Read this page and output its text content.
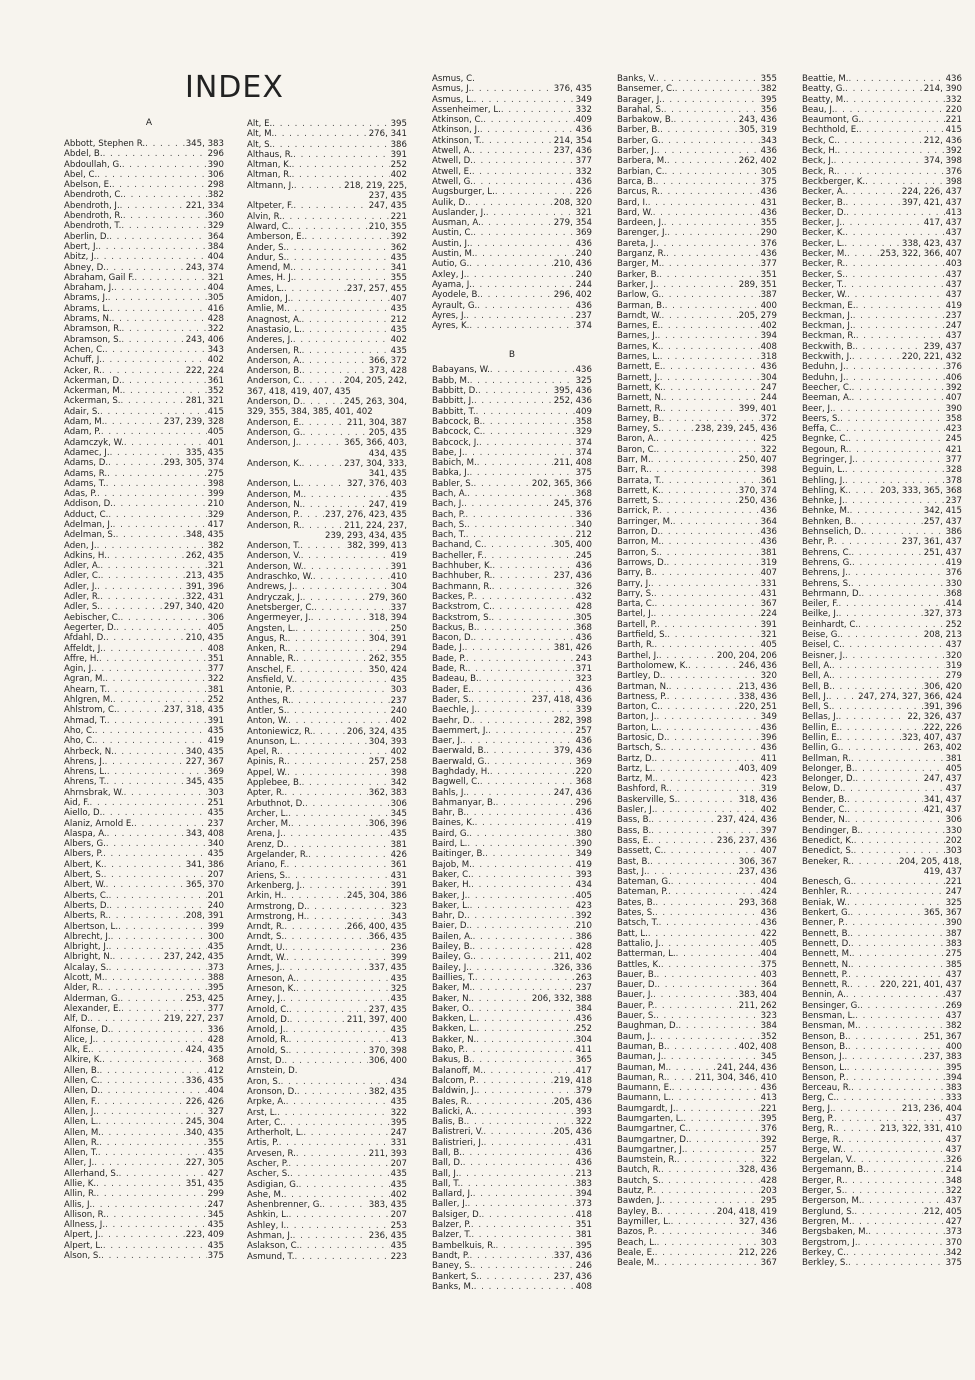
INDEX
A
Abbott, Stephen R.
. . .	345, 383
Abdel, B.
. . .	296
Abdoullah, G.
. . .	390
Abel, C.
. . .	306
Abelson, E.
. . .	298
Abendroth, C.
. . .	382
Abendroth, J.
. . .	221, 334
Abendroth, R.
. . .	360
Abendroth, T.
. . .	329
Aberlin, D.
. . .	364
Abert, J.
. . .	384
Abitz, J.
. . .	404
Abney, D.
. . .	243, 374
Abraham, Gail F.
. . .	321
Abraham, J.
. . .	404
Abrams, J.
. . .	305
Abrams, L.
. . .	416
Abrams, N.
. . .	428
Abramson, R.
. . .	322
Abramson, S.
. . .	243, 406
Achen, C.
. . .	343
Achuff, J.
. . .	402
Acker, R.
. . .	222, 224
Ackerman, D.
. . .	361
Ackerman, M.
. . .	352
Ackerman, S.
. . .	281, 321
Adair, S.
. . .	415
Adam, M.
. . .	237, 239, 328
Adam, P.
. . .	405
Adamczyk, W.
. . .	401
Adamec, J.
. . .	335, 435
Adams, D.
. . .	293, 305, 374
Adams, R.
. . .	275
Adams, T.
. . .	398
Adas, P.
. . .	399
Addison, D.
. . .	210
Adduct, C.
. . .	329
Adelman, J.
. . .	417
Adelman, S.
. . .	348, 435
Aden, J.
. . .	382
Adkins, H.
. . .	262, 435
Adler, A.
. . .	321
Adler, C.
. . .	213, 435
Adler, J.
. . .	391, 396
Adler, R.
. . .	322, 431
Adler, S.
. . .	297, 340, 420
Aebischer, C.
. . .	306
Aegerter, D.
. . .	405
Afdahl, D.
. . .	210, 435
Affeldt, J.
. . .	408
Affre, H.
. . .	351
Agin, J.
. . .	377
Agran, M.
. . .	322
Ahearn, T.
. . .	381
Ahlgren, M.
. . .	252
Ahlstrom, C.
. . .	237, 318, 435
Ahmad, T.
. . .	391
Aho, C.
. . .	435
Aho, C.
. . .	419
Ahrbeck, N.
. . .	340, 435
Ahrens, J.
. . .	227, 367
Ahrens, L.
. . .	369
Ahrens, T.
. . .	345, 435
Ahrnsbrak, W.
. . .	303
Aid, F.
. . .	251
Aiello, D.
. . .	435
Alaniz, Arnold E.
. . .	237
Alaspa, A.
. . .	343, 408
Albers, G.
. . .	340
Albers, P.
. . .	435
Albert, K.
. . .	341, 386
Albert, S.
. . .	207
Albert, W.
. . .	365, 370
Alberts, C.
. . .	201
Alberts, D.
. . .	240
Alberts, R.
. . .	208, 391
Albertson, L.
. . .	399
Albrecht, J.
. . .	300
Albright, J.
. . .	435
Albright, N.
. . .	237, 242, 435
Alcalay, S.
. . .	373
Alcott, M.
. . .	388
Alder, R.
. . .	395
Alderman, G.
. . .	253, 425
Alexander, E.
. . .	377
Alf, D.
. . .	219, 227, 237
Alfonse, D.
. . .	336
Alice, J.
. . .	428
Alk, E.
. . .	424, 435
Alkire, K.
. . .	368
Allen, B.
. . .	412
Allen, C.
. . .	336, 435
Allen, D.
. . .	404
Allen, F.
. . .	226, 426
Allen, J.
. . .	327
Allen, L.
. . .	245, 304
Allen, M.
. . .	340, 435
Allen, R.
. . .	355
Allen, T.
. . .	435
Aller, J.
. . .	227, 305
Allerhand, S.
. . .	427
Allie, K.
. . .	351, 435
Allin, R.
. . .	299
Allis, J.
. . .	247
Allison, R.
. . .	345
Allness, J.
. . .	435
Alpert, J.
. . .	223, 409
Alpert, L.
. . .	435
Alson, S.
. . .	375
Alt, E.
. . .	395
Alt, M.
. . .	276, 341
Alt, S.
. . .	386
Althaus, R.
. . .	391
Altman, K.
. . .	252
Altman, R.
. . .	402
Altmann, J.
. . .	218, 219, 225,
237, 435
Altpeter, F.
. . .	247, 435
Alvin, R.
. . .	221
Alward, C.
. . .	210, 355
Amberson, E.
. . .	392
Ander, S.
. . .	362
Andur, S.
. . .	435
Amend, M.
. . .	341
Ames, H. J.
. . .	355
Ames, L.
. . .	237, 257, 455
Amidon, J.
. . .	407
Amlie, M.
. . .	435
Anagnost, A.
. . .	212
Anastasio, L.
. . .	435
Anderes, J.
. . .	402
Andersen, R.
. . .	435
Anderson, A.
. . .	366, 372
Anderson, B.
. . .	373, 428
Anderson, C.
. . .	204, 205, 242,
367, 418, 419, 407, 435
Anderson, D.
. . .	245, 263, 304,
329, 355, 384, 385, 401, 402
Anderson, E.
. . .	211, 304, 387
Anderson, G.
. . .	205, 435
Anderson, J.
. . .	365, 366, 403,
434, 435
Anderson, K.
. . .	237, 304, 333,
341, 435
Anderson, L.
. . .	327, 376, 403
Anderson, M.
. . .	435
Anderson, N.
. . .	247, 419
Anderson, P.
. . .	237, 276, 423, 435
Anderson, R.
. . .	211, 224, 237,
239, 293, 434, 435
Anderson, T.
. . .	382, 399, 413
Anderson, V.
. . .	419
Anderson, W.
. . .	391
Andraschko, W.
. . .	410
Andrews, J.
. . .	304
Andryczak, J.
. . .	279, 360
Anetsberger, C.
. . .	337
Angermeyer, J.
. . .	318, 394
Angsten, L.
. . .	250
Angus, R.
. . .	304, 391
Anken, R.
. . .	294
Annable, R.
. . .	262, 355
Anschel, F.
. . .	350, 424
Ansfield, V.
. . .	435
Antonie, P.
. . .	303
Anthes, R.
. . .	237
Antler, S.
. . .	240
Anton, W.
. . .	402
Antoniewicz, R.
. . .	206, 324, 435
Anunson, L.
. . .	304, 393
Apel, R.
. . .	402
Apinis, R.
. . .	257, 258
Appel, W.
. . .	398
Applebee, B.
. . .	342
Apter, R.
. . .	362, 383
Arbuthnot, D.
. . .	306
Archer, L.
. . .	345
Archer, M.
. . .	306, 396
Arena, J.
. . .	435
Arenz, D.
. . .	381
Argelander, R.
. . .	426
Ariano, F.
. . .	361
Ariens, S.
. . .	431
Arkenberg, J.
. . .	391
Arkin, H.
. . .	245, 304, 386
Armstrong, D.
. . .	323
Armstrong, H.
. . .	343
Arndt, R.
. . .	266, 400, 435
Arndt, S.
. . .	366, 435
Arndt, U.
. . .	236
Arndt, W.
. . .	399
Arnes, J.
. . .	337, 435
Arneson, A.
. . .	435
Arneson, K.
. . .	325
Arney, J.
. . .	435
Arnold, C.
. . .	237, 435
Arnold, D.
. . .	211, 397, 400
Arnold, J.
. . .	435
Arnold, R.
. . .	413
Arnold, S.
. . .	370, 398
Arnst, D.
. . .	306, 400
Arnstein, D.
Aron, S.
. . .	434
Aronson, D.
. . .	382, 435
Arpke, A.
. . .	435
Arst, L.
. . .	322
Arter, C.
. . .	395
Artherholt, L.
. . .	247
Artis, P.
. . .	331
Arvesen, R.
. . .	211, 393
Ascher, P.
. . .	207
Ascher, S.
. . .	435
Asdigian, G.
. . .	435
Ashe, M.
. . .	402
Ashenbrenner, G.
. . .	383, 435
Ashkin, L.
. . .	207
Ashley, I.
. . .	253
Ashman, J.
. . .	236, 435
Aslakson, C.
. . .	435
Asmund, T.
. . .	223
Asmus, C.
Asmus, J.
. . .	376, 435
Asmus, L.
. . .	349
Assenheimer, L.
. . .	332
Atkinson, C.
. . .	409
Atkinson, J.
. . .	436
Atkinson, T.
. . .	214, 354
Atwell, A.
. . .	237, 436
Atwell, D.
. . .	377
Atwell, E.
. . .	332
Atwell, G.
. . .	436
Augsburger, L.
. . .	226
Aulik, D.
. . .	208, 320
Auslander, J.
. . .	321
Ausman, A.
. . .	279, 354
Austin, C.
. . .	369
Austin, J.
. . .	436
Austin, M.
. . .	240
Autio, G.
. . .	210, 436
Axley, J.
. . .	240
Ayama, J.
. . .	244
Ayodele, B.
. . .	296, 402
Ayrault, G.
. . .	436
Ayres, J.
. . .	237
Ayres, K.
. . .	374
B
Babayans, W.
. . .	436
Babb, M.
. . .	325
Babbitt, D.
. . .	395, 436
Babbitt, J.
. . .	252, 436
Babbitt, T.
. . .	409
Babcock, B.
. . .	358
Babcock, C.
. . .	329
Babcock, J.
. . .	374
Babe, J.
. . .	374
Babich, M.
. . .	211, 408
Babka, J.
. . .	375
Babler, S.
. . .	202, 365, 366
Bach, A.
. . .	368
Bach, J.
. . .	245, 376
Bach, P.
. . .	336
Bach, S.
. . .	340
Bach, T.
. . .	212
Bachand, C.
. . .	305, 400
Bacheller, F.
. . .	245
Bachhuber, K.
. . .	436
Bachhuber, R.
. . .	237, 436
Bachmann, R.
. . .	326
Backes, P.
. . .	432
Backstrom, C.
. . .	428
Backstrom, S.
. . .	305
Backus, B.
. . .	368
Bacon, D.
. . .	436
Bade, J.
. . .	381, 426
Bade, P.
. . .	243
Bade, R.
. . .	371
Badeau, B.
. . .	323
Bader, E.
. . .	436
Bader, S.
. . .	237, 418, 436
Baechle, J.
. . .	339
Baehr, D.
. . .	282, 398
Baemmert, J.
. . .	257
Baer, J.
. . .	436
Baerwald, B.
. . .	379, 436
Baerwald, G.
. . .	369
Baghdady, H.
. . .	220
Bagwell, C.
. . .	368
Bahls, J.
. . .	247, 436
Bahmanyar, B.
. . .	296
Bahr, B.
. . .	436
Baines, K.
. . .	419
Baird, G.
. . .	380
Baird, L.
. . .	390
Baitinger, B.
. . .	349
Bajob, M.
. . .	419
Baker, C.
. . .	393
Baker, H.
. . .	434
Baker, J.
. . .	405
Baker, L.
. . .	423
Bahr, D.
. . .	392
Baier, D.
. . .	210
Bailen, A.
. . .	386
Bailey, B.
. . .	428
Bailey, G.
. . .	211, 402
Bailey, J.
. . .	326, 336
Baillies, T.
. . .	263
Baker, M.
. . .	237
Baker, N.
. . .	206, 332, 388
Baker, O.
. . .	384
Bakken, L.
. . .	436
Bakken, L.
. . .	252
Bakker, N.
. . .	304
Bako, P.
. . .	411
Bakus, B.
. . .	365
Balanoff, M.
. . .	417
Balcom, P.
. . .	219, 418
Baldwin, J.
. . .	379
Bales, R.
. . .	205, 436
Balicki, A.
. . .	393
Balis, B.
. . .	322
Balistreri, V.
. . .	205, 436
Balistrieri, J.
. . .	431
Ball, B.
. . .	436
Ball, D.
. . .	436
Ball, J.
. . .	213
Ball, T.
. . .	383
Ballard, J.
. . .	394
Baller, J.
. . .	373
Balsiger, D.
. . .	418
Balzer, P.
. . .	351
Balzer, T.
. . .	381
Bambelkuis, R.
. . .	395
Bandt, P.
. . .	337, 436
Baney, S.
. . .	246
Bankert, S.
. . .	237, 436
Banks, M.
. . .	408
Banks, V.
. . .	355
Bansemer, C.
. . .	382
Barager, J.
. . .	395
Barahal, S.
. . .	356
Barbakow, B.
. . .	243, 436
Barber, B.
. . .	305, 319
Barber, G.
. . .	343
Barber, J.
. . .	436
Barbera, M.
. . .	262, 402
Barbian, C.
. . .	305
Barca, B.
. . .	375
Barcus, R.
. . .	436
Bard, I.
. . .	431
Bard, W.
. . .	436
Bardeen, J.
. . .	355
Barenger, J.
. . .	290
Bareta, J.
. . .	376
Barganz, R.
. . .	436
Barger, M.
. . .	377
Barker, B.
. . .	351
Barker, J.
. . .	289, 351
Barlow, G.
. . .	387
Barman, B.
. . .	400
Barndt, W.
. . .	205, 279
Barnes, E.
. . .	402
Barnes, J.
. . .	394
Barnes, K.
. . .	408
Barnes, L.
. . .	318
Barnett, E.
. . .	436
Barnett, J.
. . .	304
Barnett, K.
. . .	247
Barnett, N.
. . .	244
Barnett, R.
. . .	399, 401
Barney, B.
. . .	372
Barney, S.
. . .	238, 239, 245, 436
Baron, A.
. . .	425
Baron, C.
. . .	322
Barr, M.
. . .	250, 407
Barr, R.
. . .	398
Barrata, T.
. . .	361
Barrett, K.
. . .	370, 374
Barrett, S.
. . .	250, 436
Barrick, P.
. . .	436
Barringer, M.
. . .	364
Barron, D.
. . .	436
Barron, M.
. . .	436
Barron, S.
. . .	381
Barrows, D.
. . .	319
Barry, B.
. . .	407
Barry, J.
. . .	331
Barry, S.
. . .	431
Barta, C.
. . .	367
Bartel, J.
. . .	224
Bartell, P.
. . .	391
Bartfield, S.
. . .	321
Barth, R.
. . .	405
Barthel, J.
. . .	200, 204, 206
Bartholomew, K.
. . .	246, 436
Bartley, D.
. . .	320
Bartman, N.
. . .	213, 436
Bartness, P.
. . .	338, 436
Barton, C.
. . .	220, 251
Barton, J.
. . .	349
Barton, L.
. . .	436
Bartosic, D.
. . .	396
Bartsch, S.
. . .	436
Bartz, D.
. . .	411
Bartz, L.
. . .	403, 409
Bartz, M.
. . .	423
Bashford, R.
. . .	319
Baskerville, S.
. . .	318, 436
Basler, J.
. . .	402
Bass, B.
. . .	237, 424, 436
Bass, B.
. . .	397
Bass, E.
. . .	236, 237, 436
Bassett, C.
. . .	407
Bast, B.
. . .	306, 367
Bast, J.
. . .	237, 436
Bateman, G.
. . .	404
Bateman, P.
. . .	424
Bates, B.
. . .	293, 368
Bates, S.
. . .	436
Batsch, T.
. . .	436
Batt, L.
. . .	422
Battalio, J.
. . .	405
Batterman, L.
. . .	404
Battles, K.
. . .	375
Bauer, B.
. . .	403
Bauer, D.
. . .	364
Bauer, J.
. . .	383, 404
Bauer, P.
. . .	211, 262
Bauer, S.
. . .	323
Baughman, D.
. . .	384
Baum, J.
. . .	352
Bauman, B.
. . .	402, 408
Bauman, J.
. . .	345
Bauman, M.
. . .	241, 244, 436
Bauman, R.
. . .	211, 304, 346, 410
Baumann, E.
. . .	436
Baumann, L.
. . .	413
Baumgardt, J.
. . .	221
Baumgarten, L.
. . .	395
Baumgartner, C.
. . .	376
Baumgartner, D.
. . .	392
Baumgartner, J.
. . .	257
Baumstein, R.
. . .	322
Bautch, R.
. . .	328, 436
Bautch, S.
. . .	428
Bautz, P.
. . .	203
Bawden, J.
. . .	295
Bayley, B.
. . .	204, 418, 419
Baymiller, L.
. . .	327, 436
Bazos, P.
. . .	346
Beach, L.
. . .	303
Beale, E.
. . .	212, 226
Beale, M.
. . .	367
Beattie, M.
. . .	436
Beatty, G.
. . .	214, 390
Beatty, M.
. . .	332
Beau, J.
. . .	220
Beaumont, G.
. . .	221
Bechthold, E.
. . .	415
Beck, C.
. . .	212, 436
Beck, H.
. . .	392
Beck, J.
. . .	374, 398
Beck, R.
. . .	376
Beckberger, K.
. . .	398
Becker, A.
. . .	224, 226, 437
Becker, B.
. . .	397, 421, 437
Becker, D.
. . .	413
Becker, J.
. . .	417, 437
Becker, K.
. . .	437
Becker, L.
. . .	338, 423, 437
Becker, M.
. . .	253, 322, 366, 407
Becker, R.
. . .	403
Becker, S.
. . .	437
Becker, T.
. . .	437
Becker, W.
. . .	437
Beckman, E.
. . .	419
Beckman, J.
. . .	237
Beckman, J.
. . .	247
Beckman, R.
. . .	437
Beckwith, B.
. . .	239, 437
Beckwith, J.
. . .	220, 221, 432
Beduhn, J.
. . .	376
Beduhn, J.
. . .	406
Beecher, C.
. . .	392
Beeman, A.
. . .	407
Beer, J.
. . .	390
Beers, S.
. . .	358
Beffa, C.
. . .	423
Begnke, C.
. . .	245
Begoun, R.
. . .	421
Begringer, J.
. . .	377
Beguin, L.
. . .	328
Behling, J.
. . .	378
Behling, K.
. . .	203, 333, 365, 368
Behnke, J.
. . .	237
Behnke, M.
. . .	342, 415
Behnken, B.
. . .	257, 437
Behnselich, D.
. . .	386
Behr, P.
. . .	237, 361, 437
Behrens, C.
. . .	251, 437
Behrens, G.
. . .	419
Behrens, J.
. . .	376
Behrens, S.
. . .	330
Behrmann, D.
. . .	368
Beiler, F.
. . .	414
Beilke, J.
. . .	327, 373
Beinhardt, C.
. . .	252
Beise, G.
. . .	208, 213
Beisel, C.
. . .	437
Beisner, J.
. . .	320
Bell, A.
. . .	319
Bell, A.
. . .	279
Bell, B.
. . .	306, 420
Bell, J.
. . .	247, 274, 327, 366, 424
Bell, S.
. . .	391, 396
Bellas, J.
. . .	22, 326, 437
Bellin, E.
. . .	222, 226
Bellin, E.
. . .	323, 407, 437
Bellin, G.
. . .	263, 402
Bellman, R.
. . .	381
Belonger, B.
. . .	405
Belonger, D.
. . .	247, 437
Below, D.
. . .	437
Bender, B.
. . .	341, 437
Bender, C.
. . .	421, 437
Bender, N.
. . .	306
Bendinger, B.
. . .	330
Benedict, K.
. . .	202
Benedict, S.
. . .	303
Beneker, R.
. . .	204, 205, 418,
419, 437
Benesch, G.
. . .	221
Benhler, R.
. . .	247
Beniak, W.
. . .	325
Benkert, G.
. . .	365, 367
Benner, P.
. . .	390
Bennett, B.
. . .	387
Bennett, D.
. . .	383
Bennett, M.
. . .	275
Bennett, N.
. . .	385
Bennett, P.
. . .	437
Bennett, R.
. . .	220, 221, 401, 437
Bennin, A.
. . .	437
Bensinger, G.
. . .	269
Bensman, L.
. . .	437
Bensman, M.
. . .	382
Benson, B.
. . .	251, 367
Benson, B.
. . .	400
Benson, J.
. . .	237, 383
Benson, L.
. . .	395
Benson, P.
. . .	394
Berceau, R.
. . .	383
Berg, C.
. . .	333
Berg, J.
. . .	213, 236, 404
Berg, P.
. . .	437
Berg, R.
. . .	213, 322, 331, 410
Berge, R.
. . .	437
Berge, W.
. . .	437
Bergelan, V.
. . .	326
Bergemann, B.
. . .	214
Berger, R.
. . .	348
Berger, S.
. . .	322
Bergerson, M.
. . .	437
Berglund, S.
. . .	212, 405
Bergren, M.
. . .	427
Bergsbaken, M.
. . .	373
Bergstrom, J.
. . .	370
Berkey, C.
. . .	342
Berkley, S.
. . .	375
